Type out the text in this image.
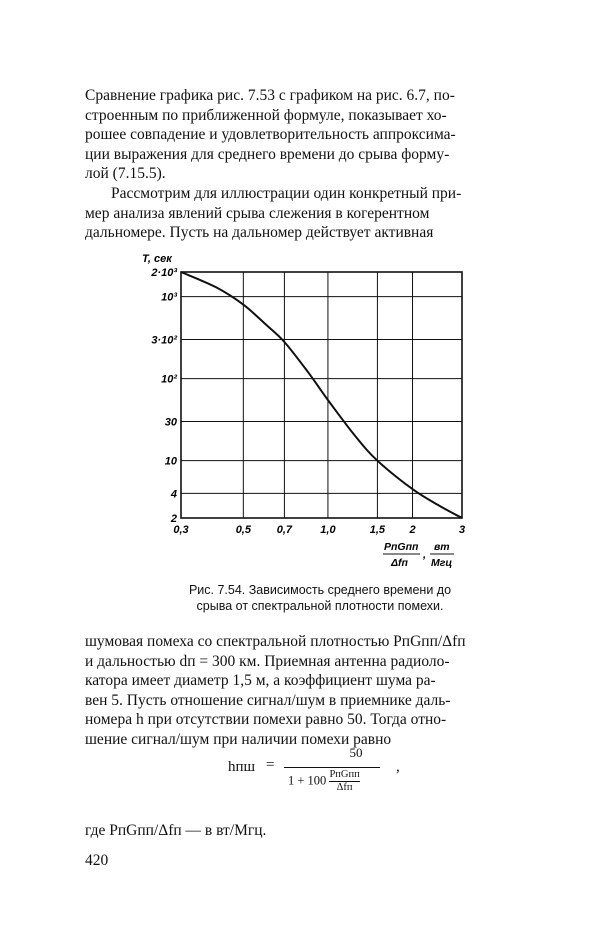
Сравнение графика рис. 7.53 с графиком на рис. 6.7, по-
строенным по приближенной формуле, показывает хо-
рошее совпадение и удовлетворительность аппроксима-
ции выражения для среднего времени до срыва форму-
лой (7.15.5).
Рассмотрим для иллюстрации один конкретный при-
мер анализа явлений срыва слежения в когерентном
дальномере. Пусть на дальномер действует активная
2
4
10
30
10²
3·10²
10³
2·10³
0,3	0,5 0,7	1,0	1,5 2	3
T, сек
PпGпп
Δfп
,
вт
Мгц
Рис. 7.54. Зависимость среднего времени до
срыва от спектральной плотности помехи.
шумовая помеха со спектральной плотностью PпGпп/Δfп
и дальностью dп = 300 км. Приемная антенна радиоло-
катора имеет диаметр 1,5 м, а коэффициент шума ра-
вен 5. Пусть отношение сигнал/шум в приемнике даль-
номера h при отсутствии помехи равно 50. Тогда отно-
шение сигнал/шум при наличии помехи равно
hпш =
50
$1 + 100 \frac{\text{PпGпп}}{\text{Δfп}}$
,

где PпGпп/Δfп — в вт/Мгц.

420
